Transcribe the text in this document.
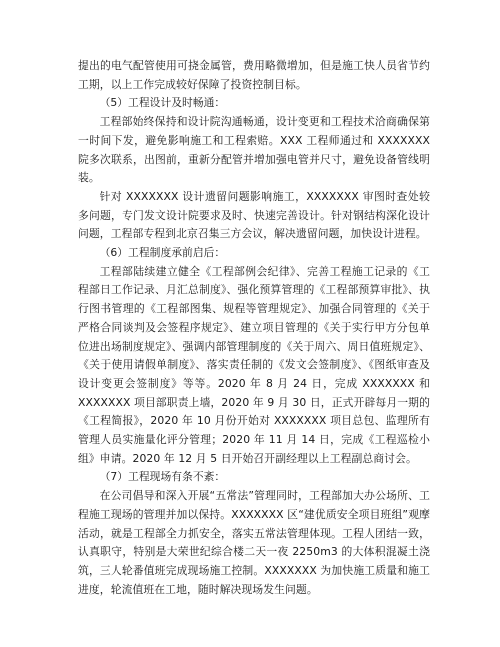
提出的电气配管使用可挠金属管，费用略微增加，但是施工快人员省节约工期，以上工作完成较好保障了投资控制目标。

（5）工程设计及时畅通：

工程部始终保持和设计院沟通畅通，设计变更和工程技术洽商确保第一时间下发，避免影响施工和工程索赔。XXX 工程师通过和 XXXXXXX 院多次联系，出图前，重新分配管并增加强电管并尺寸，避免设备管线明装。

针对 XXXXXXX 设计遗留问题影响施工，XXXXXXX 审图时查处较多问题，专门发文设计院要求及时、快速完善设计。针对钢结构深化设计问题，工程部专程到北京召集三方会议，解决遗留问题，加快设计进程。

（6）工程制度承前启后：

工程部陆续建立健全《工程部例会纪律》、完善工程施工记录的《工程部日工作记录、月汇总制度》、强化预算管理的《工程部预算审批》、执行图书管理的《工程部图集、规程等管理规定》、加强合同管理的《关于严格合同谈判及会签程序规定》、建立项目管理的《关于实行甲方分包单位进出场制度规定》、强调内部管理制度的《关于周六、周日值班规定》、《关于使用请假单制度》、落实责任制的《发文会签制度》、《图纸审查及设计变更会签制度》等等。2020 年 8 月 24 日，完成 XXXXXXX 和 XXXXXXX 项目部职责上墙，2020 年 9 月 30 日，正式开辟每月一期的《工程简报》，2020 年 10 月份开始对 XXXXXXX 项目总包、监理所有管理人员实施量化评分管理；2020 年 11 月 14 日，完成《工程巡检小组》申请。2020 年 12 月 5 日开始召开副经理以上工程副总商讨会。

（7）工程现场有条不紊：

在公司倡导和深入开展“五常法”管理同时，工程部加大办公场所、工程施工现场的管理并加以保持。XXXXXXX 区“建优质安全项目班组”观摩活动，就是工程部全力抓安全，落实五常法管理体现。工程人团结一致，认真职守，特别是大荣世纪综合楼二天一夜 2250m3 的大体积混凝土浇筑，三人轮番值班完成现场施工控制。XXXXXXX 为加快施工质量和施工进度，轮流值班在工地，随时解决现场发生问题。
